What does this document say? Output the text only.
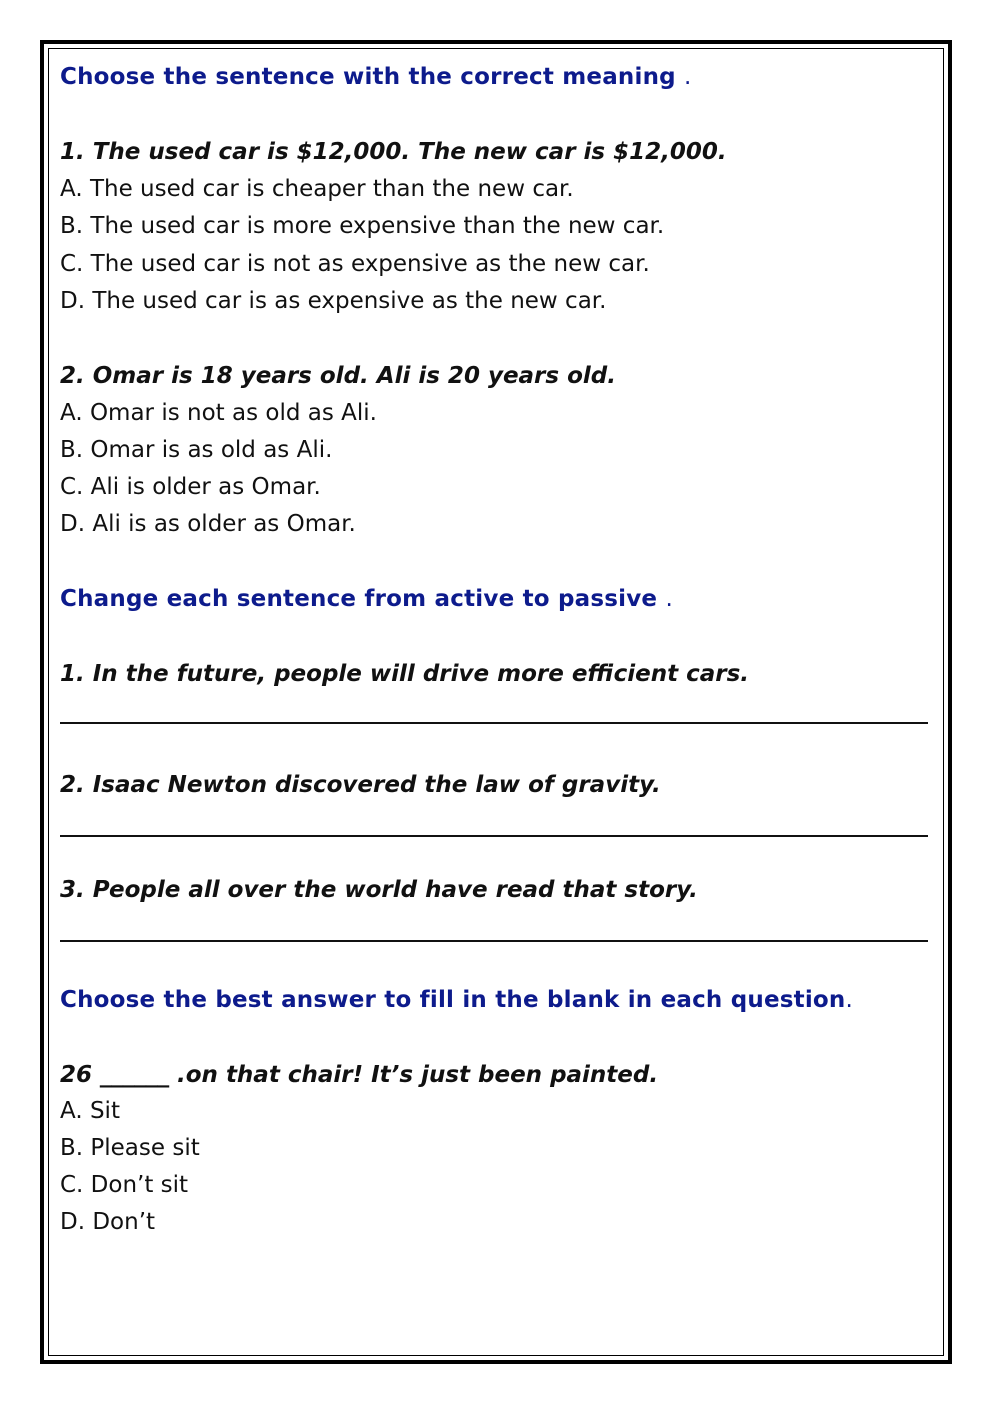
Choose the sentence with the correct meaning .
1. The used car is $12,000. The new car is $12,000.
A. The used car is cheaper than the new car.
B. The used car is more expensive than the new car.
C. The used car is not as expensive as the new car.
D. The used car is as expensive as the new car.
2. Omar is 18 years old. Ali is 20 years old.
A. Omar is not as old as Ali.
B. Omar is as old as Ali.
C. Ali is older as Omar.
D. Ali is as older as Omar.
Change each sentence from active to passive .
1. In the future, people will drive more efficient cars.
2. Isaac Newton discovered the law of gravity.
3. People all over the world have read that story.
Choose the best answer to fill in the blank in each question.
26 ______ .on that chair! It’s just been painted.
A. Sit
B. Please sit
C. Don’t sit
D. Don’t
